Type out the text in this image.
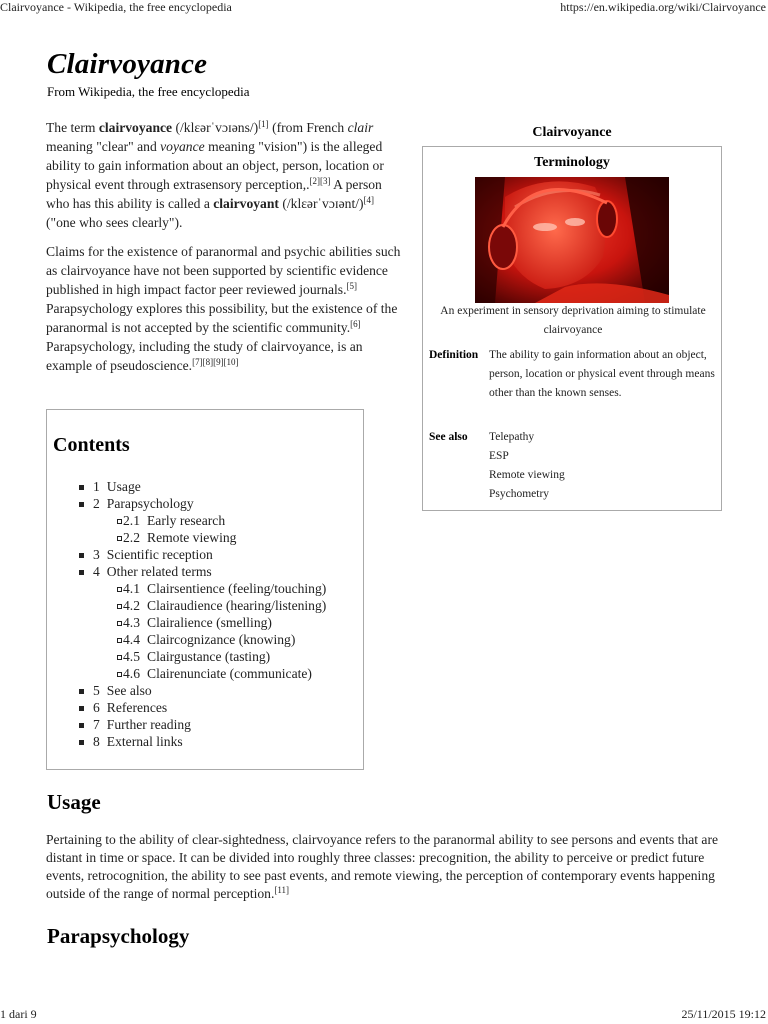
Clairvoyance - Wikipedia, the free encyclopedia	https://en.wikipedia.org/wiki/Clairvoyance
Clairvoyance
From Wikipedia, the free encyclopedia
The term clairvoyance (/klɛərˈvɔɪəns/)[1] (from French clair meaning "clear" and voyance meaning "vision") is the alleged ability to gain information about an object, person, location or physical event through extrasensory perception,.[2][3] A person who has this ability is called a clairvoyant (/klɛərˈvɔɪənt/)[4] ("one who sees clearly").
Claims for the existence of paranormal and psychic abilities such as clairvoyance have not been supported by scientific evidence published in high impact factor peer reviewed journals.[5] Parapsychology explores this possibility, but the existence of the paranormal is not accepted by the scientific community.[6] Parapsychology, including the study of clairvoyance, is an example of pseudoscience.[7][8][9][10]
Clairvoyance
Terminology
An experiment in sensory deprivation aiming to stimulate clairvoyance
Definition The ability to gain information about an object, person, location or physical event through means other than the known senses.
See also Telepathy
ESP
Remote viewing
Psychometry
Contents
1 Usage
2 Parapsychology
2.1 Early research
2.2 Remote viewing
3 Scientific reception
4 Other related terms
4.1 Clairsentience (feeling/touching)
4.2 Clairaudience (hearing/listening)
4.3 Clairalience (smelling)
4.4 Claircognizance (knowing)
4.5 Clairgustance (tasting)
4.6 Clairenunciate (communicate)
5 See also
6 References
7 Further reading
8 External links
Usage
Pertaining to the ability of clear-sightedness, clairvoyance refers to the paranormal ability to see persons and events that are distant in time or space. It can be divided into roughly three classes: precognition, the ability to perceive or predict future events, retrocognition, the ability to see past events, and remote viewing, the perception of contemporary events happening outside of the range of normal perception.[11]
Parapsychology
1 dari 9	25/11/2015 19:12
